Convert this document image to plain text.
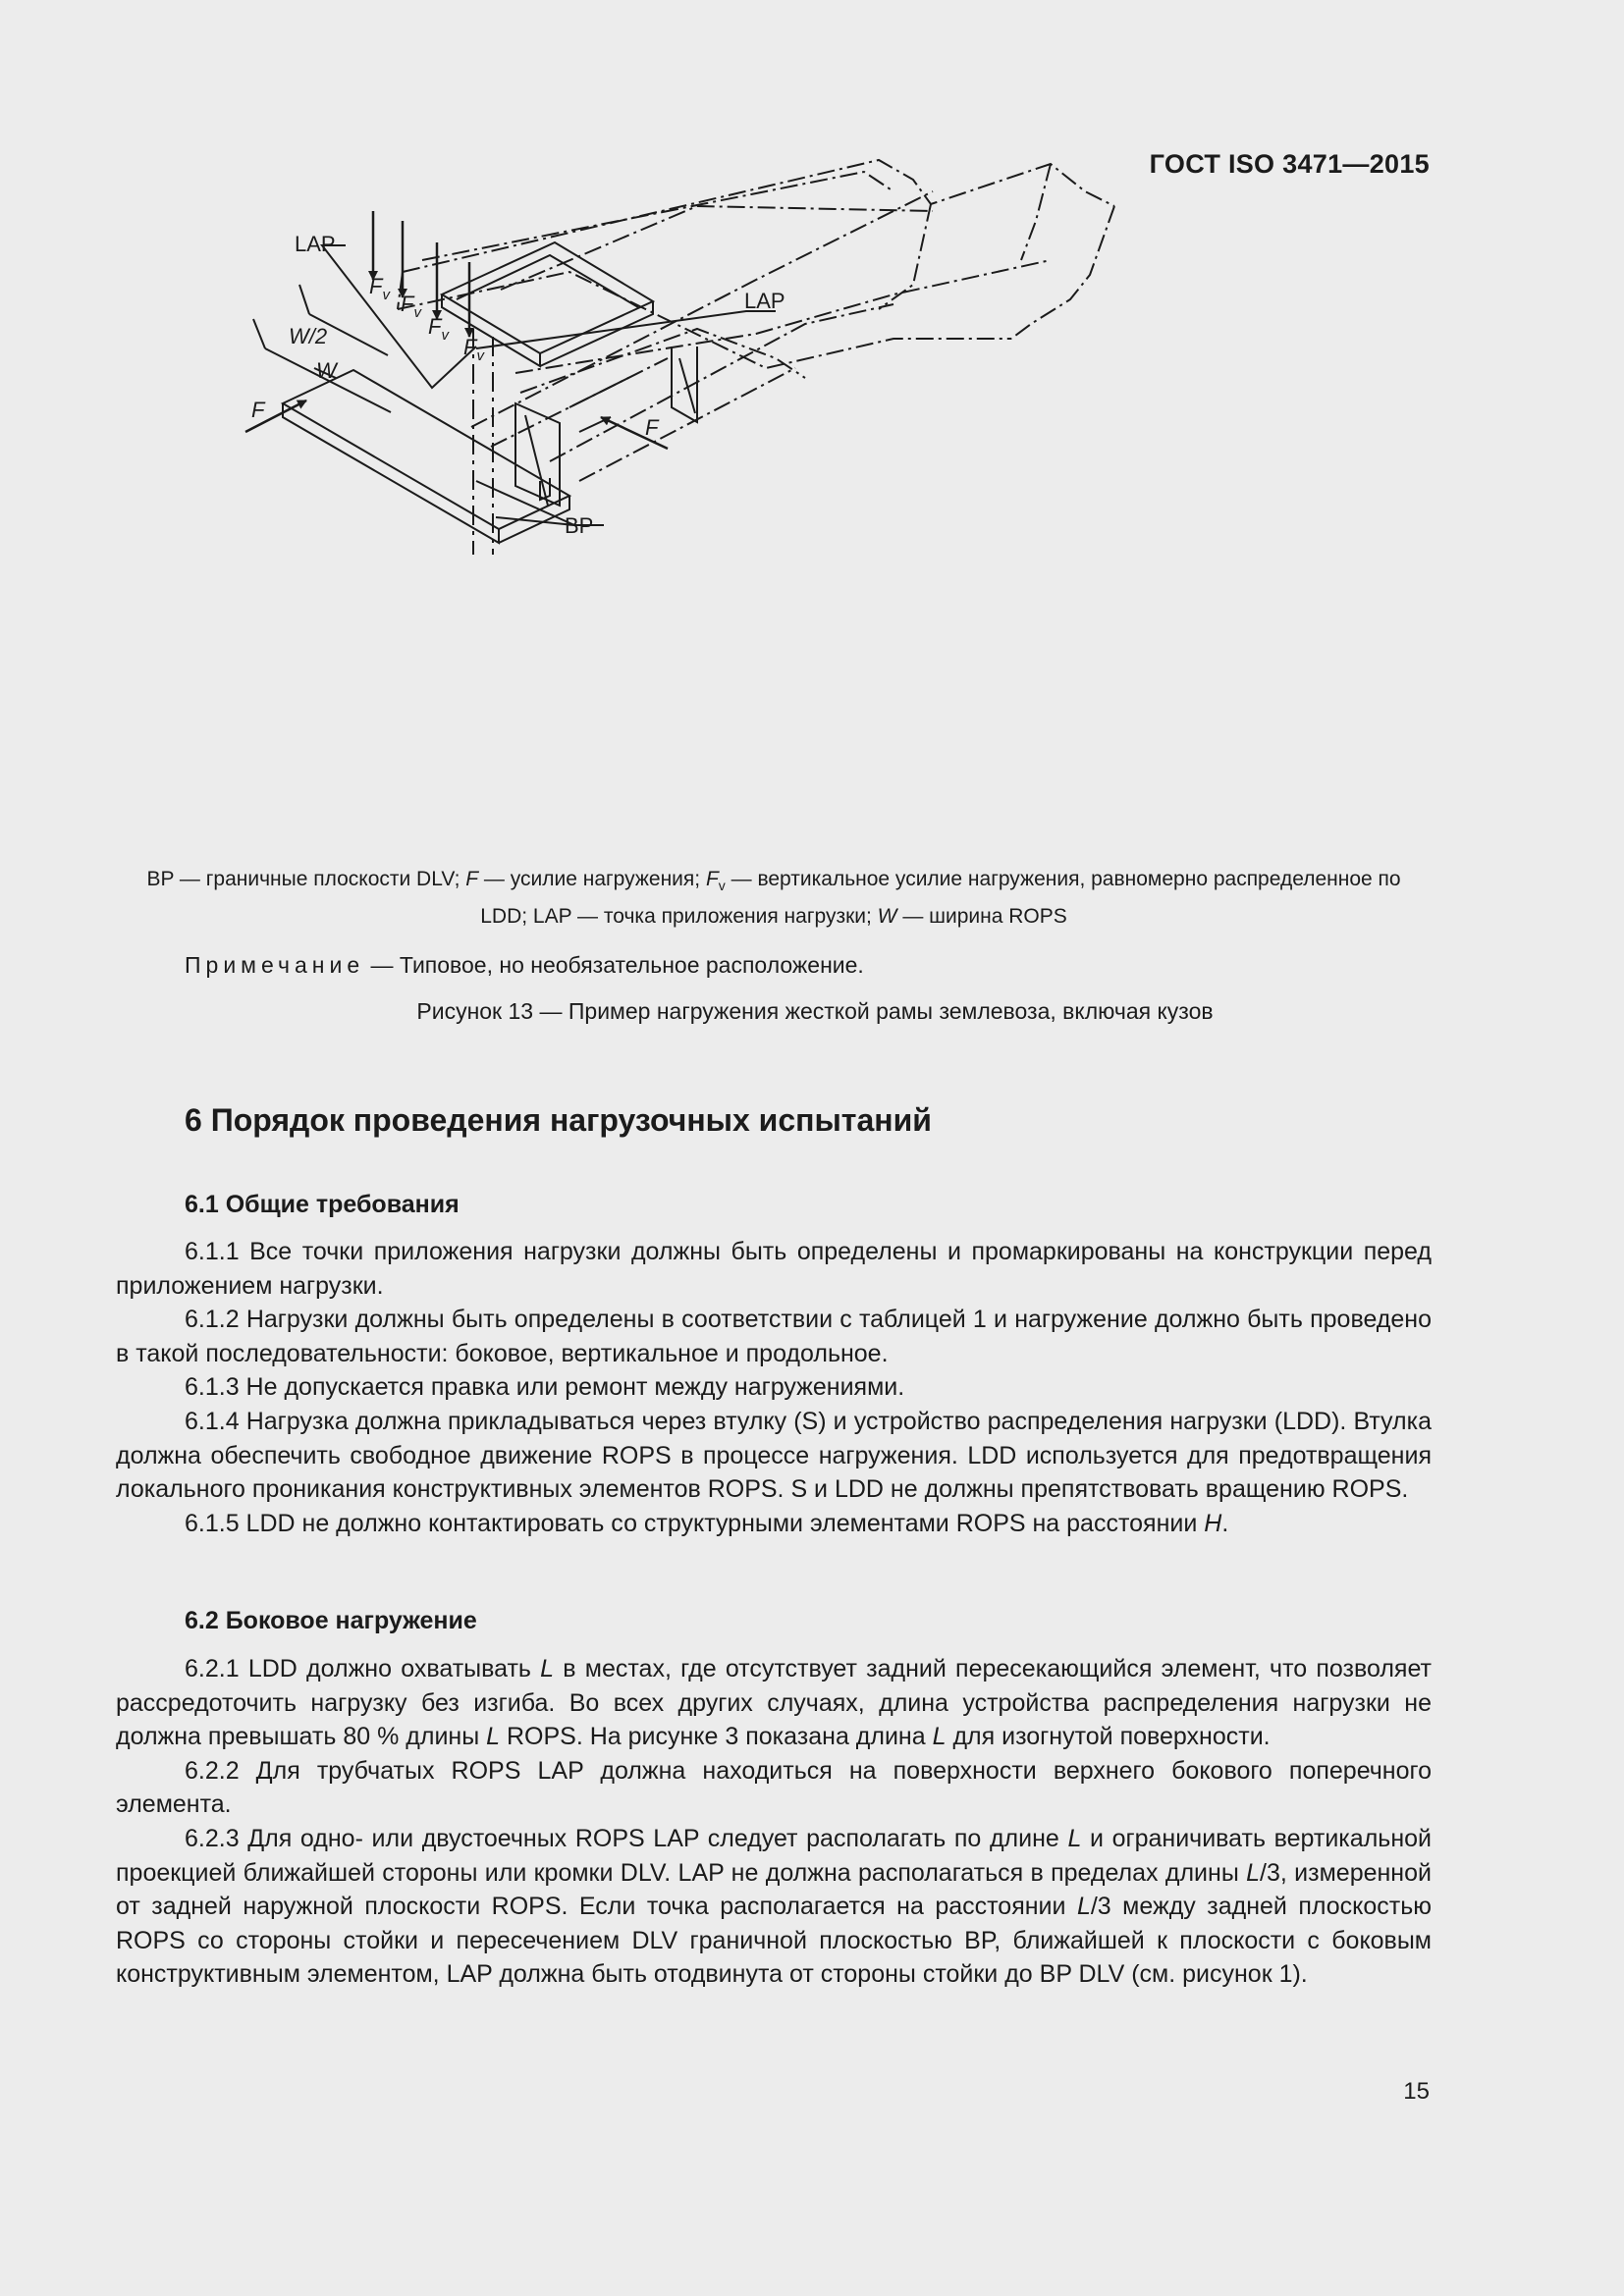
ГОСТ ISO 3471—2015
$F_v$ $F_v$
$F_v$ $F_v$
LAP
LAP
W/2
W
F
F
BP
BP — граничные плоскости DLV; F — усилие нагружения; $F_v$ — вертикальное усилие нагружения, равномерно распределенное по
LDD; LAP — точка приложения нагрузки; W — ширина ROPS
Примечание — Типовое, но необязательное расположение.
Рисунок 13 — Пример нагружения жесткой рамы землевоза, включая кузов
6 Порядок проведения нагрузочных испытаний
6.1 Общие требования

6.1.1 Все точки приложения нагрузки должны быть определены и промаркированы на конструкции перед приложением нагрузки.

6.1.2 Нагрузки должны быть определены в соответствии с таблицей 1 и нагружение должно быть проведено в такой последовательности: боковое, вертикальное и продольное.

6.1.3 Не допускается правка или ремонт между нагружениями.

6.1.4 Нагрузка должна прикладываться через втулку (S) и устройство распределения нагрузки (LDD). Втулка должна обеспечить свободное движение ROPS в процессе нагружения. LDD используется для предотвращения локального проникания конструктивных элементов ROPS. S и LDD не должны препятствовать вращению ROPS.

6.1.5 LDD не должно контактировать со структурными элементами ROPS на расстоянии H.

6.2 Боковое нагружение

6.2.1 LDD должно охватывать L в местах, где отсутствует задний пересекающийся элемент, что позволяет рассредоточить нагрузку без изгиба. Во всех других случаях, длина устройства распределения нагрузки не должна превышать 80 % длины L ROPS. На рисунке 3 показана длина L для изогнутой поверхности.

6.2.2 Для трубчатых ROPS LAP должна находиться на поверхности верхнего бокового поперечного элемента.

6.2.3 Для одно- или двустоечных ROPS LAP следует располагать по длине L и ограничивать вертикальной проекцией ближайшей стороны или кромки DLV. LAP не должна располагаться в пределах длины L/3, измеренной от задней наружной плоскости ROPS. Если точка располагается на расстоянии L/3 между задней плоскостью ROPS со стороны стойки и пересечением DLV граничной плоскостью BP, ближайшей к плоскости с боковым конструктивным элементом, LAP должна быть отодвинута от стороны стойки до BP DLV (см. рисунок 1).

15
